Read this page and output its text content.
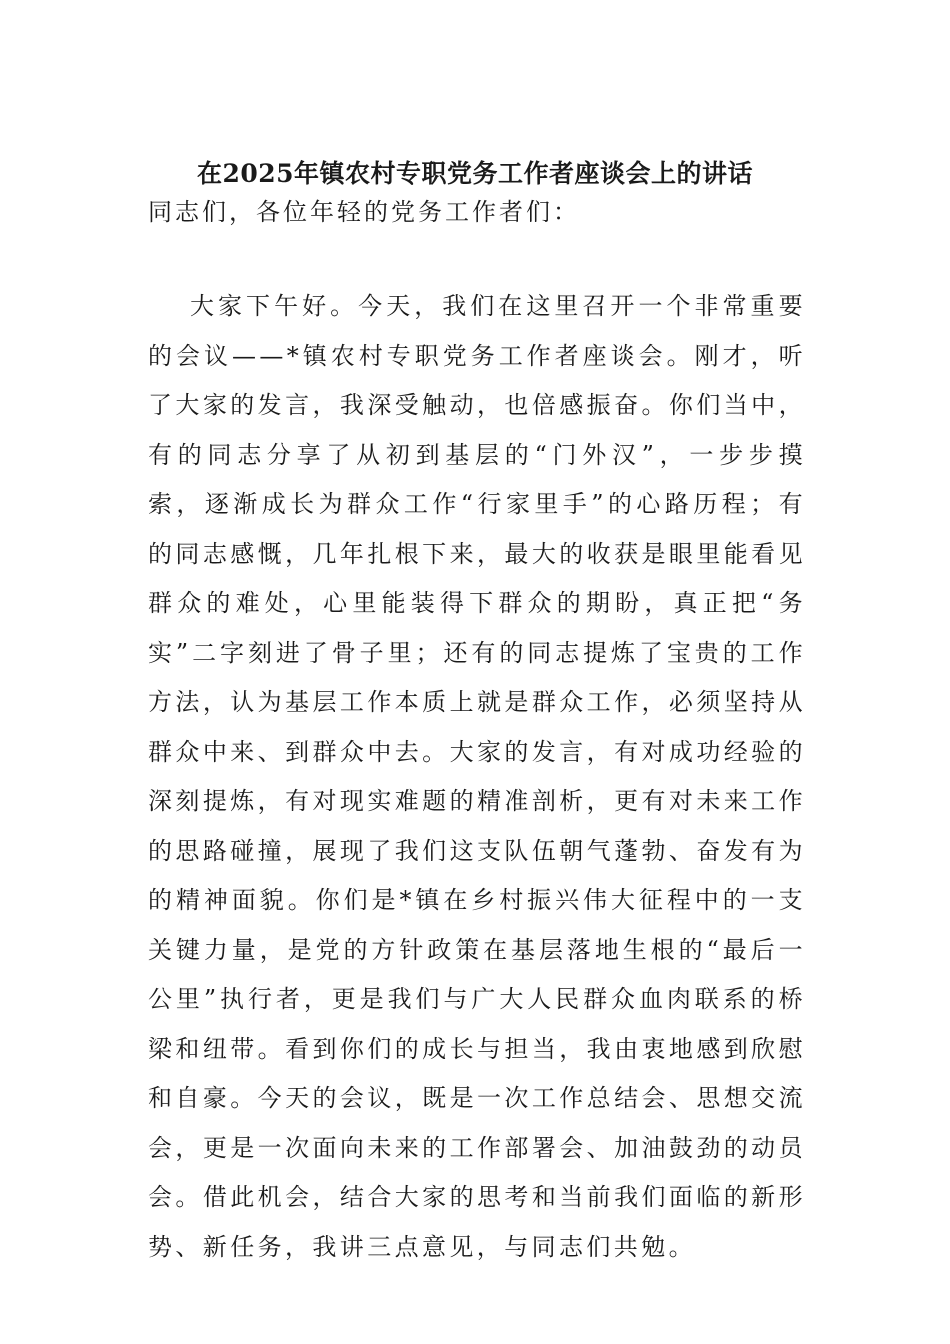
在2025年镇农村专职党务工作者座谈会上的讲话

同志们，各位年轻的党务工作者们：

大家下午好。今天，我们在这里召开一个非常重要的会议——*镇农村专职党务工作者座谈会。刚才，听了大家的发言，我深受触动，也倍感振奋。你们当中，有的同志分享了从初到基层的“门外汉”，一步步摸索，逐渐成长为群众工作“行家里手”的心路历程；有的同志感慨，几年扎根下来，最大的收获是眼里能看见群众的难处，心里能装得下群众的期盼，真正把“务实”二字刻进了骨子里；还有的同志提炼了宝贵的工作方法，认为基层工作本质上就是群众工作，必须坚持从群众中来、到群众中去。大家的发言，有对成功经验的深刻提炼，有对现实难题的精准剖析，更有对未来工作的思路碰撞，展现了我们这支队伍朝气蓬勃、奋发有为的精神面貌。你们是*镇在乡村振兴伟大征程中的一支关键力量，是党的方针政策在基层落地生根的“最后一公里”执行者，更是我们与广大人民群众血肉联系的桥梁和纽带。看到你们的成长与担当，我由衷地感到欣慰和自豪。今天的会议，既是一次工作总结会、思想交流会，更是一次面向未来的工作部署会、加油鼓劲的动员会。借此机会，结合大家的思考和当前我们面临的新形势、新任务，我讲三点意见，与同志们共勉。
